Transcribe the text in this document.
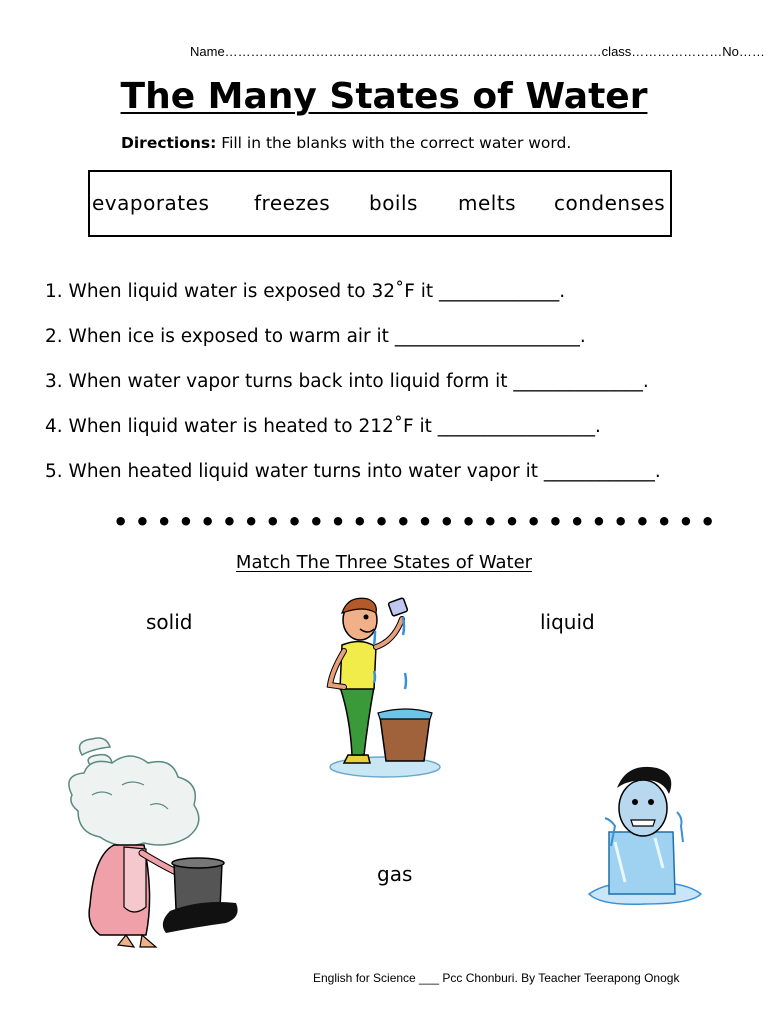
Name……………………………………………………………………………class…………………No……
The Many States of Water
Directions: Fill in the blanks with the correct water word.
evaporates freezes boils melts condenses
1. When liquid water is exposed to 32˚F it _____________.
2. When ice is exposed to warm air it ____________________.
3. When water vapor turns back into liquid form it ______________.
4. When liquid water is heated to 212˚F it _________________.
5. When heated liquid water turns into water vapor it ____________.
••••••••••••••••••••••••••••
Match The Three States of Water
solid	liquid
gas
English for Science ___ Pcc Chonburi. By Teacher Teerapong Onogk
